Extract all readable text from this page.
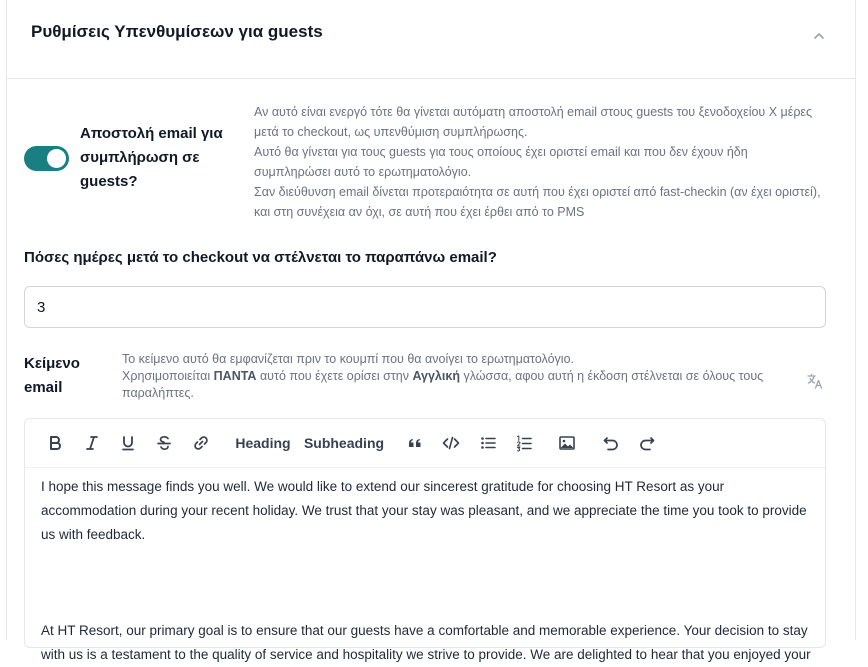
Ρυθμίσεις Υπενθυμίσεων για guests
Αποστολή email για συμπλήρωση σε guests?

Αν αυτό είναι ενεργό τότε θα γίνεται αυτόματη αποστολή email στους guests του ξενοδοχείου X μέρες μετά το checkout, ως υπενθύμιση συμπλήρωσης.

Αυτό θα γίνεται για τους guests για τους οποίους έχει οριστεί email και που δεν έχουν ήδη συμπληρώσει αυτό το ερωτηματολόγιο.

Σαν διεύθυνση email δίνεται προτεραιότητα σε αυτή που έχει οριστεί από fast-checkin (αν έχει οριστεί), και στη συνέχεια αν όχι, σε αυτή που έχει έρθει από το PMS

Πόσες ημέρες μετά το checkout να στέλνεται το παραπάνω email?
3
Κείμενο email
Το κείμενο αυτό θα εμφανίζεται πριν το κουμπί που θα ανοίγει το ερωτηματολόγιο.
Χρησιμοποιείται ΠΑΝΤΑ αυτό που έχετε ορίσει στην Αγγλική γλώσσα, αφου αυτή η έκδοση στέλνεται σε όλους τους παραλήπτες.
Heading Subheading

I hope this message finds you well. We would like to extend our sincerest gratitude for choosing HT Resort as your accommodation during your recent holiday. We trust that your stay was pleasant, and we appreciate the time you took to provide us with feedback.

At HT Resort, our primary goal is to ensure that our guests have a comfortable and memorable experience. Your decision to stay with us is a testament to the quality of service and hospitality we strive to provide. We are delighted to hear that you enjoyed your
